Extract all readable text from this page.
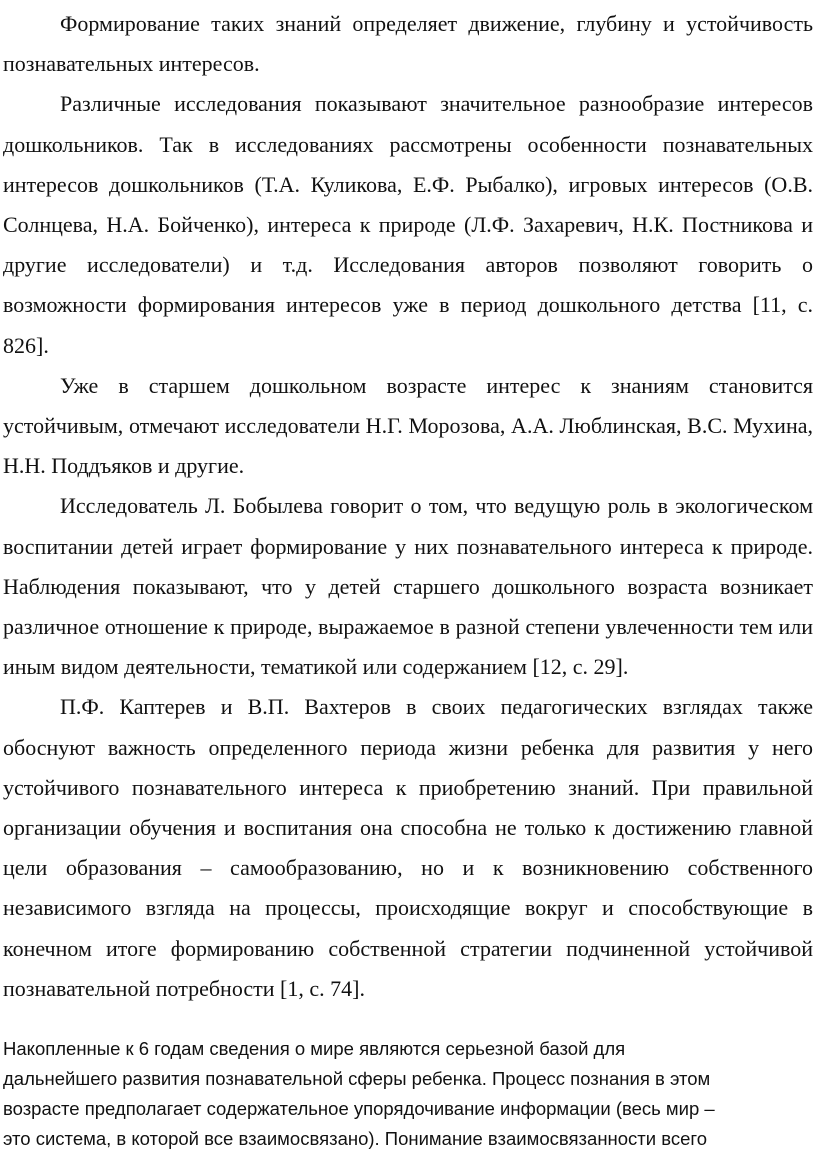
Формирование таких знаний определяет движение, глубину и устойчивость познавательных интересов.

Различные исследования показывают значительное разнообразие интересов дошкольников. Так в исследованиях рассмотрены особенности познавательных интересов дошкольников (Т.А. Куликова, Е.Ф. Рыбалко), игровых интересов (О.В. Солнцева, Н.А. Бойченко), интереса к природе (Л.Ф. Захаревич, Н.К. Постникова и другие исследователи) и т.д. Исследования авторов позволяют говорить о возможности формирования интересов уже в период дошкольного детства [11, с. 826].

Уже в старшем дошкольном возрасте интерес к знаниям становится устойчивым, отмечают исследователи Н.Г. Морозова, А.А. Люблинская, В.С. Мухина, Н.Н. Поддъяков и другие.

Исследователь Л. Бобылева говорит о том, что ведущую роль в экологическом воспитании детей играет формирование у них познавательного интереса к природе. Наблюдения показывают, что у детей старшего дошкольного возраста возникает различное отношение к природе, выражаемое в разной степени увлеченности тем или иным видом деятельности, тематикой или содержанием [12, с. 29].

П.Ф. Каптерев и В.П. Вахтеров в своих педагогических взглядах также обоснуют важность определенного периода жизни ребенка для развития у него устойчивого познавательного интереса к приобретению знаний. При правильной организации обучения и воспитания она способна не только к достижению главной цели образования – самообразованию, но и к возникновению собственного независимого взгляда на процессы, происходящие вокруг и способствующие в конечном итоге формированию собственной стратегии подчиненной устойчивой познавательной потребности [1, с. 74].

Накопленные к 6 годам сведения о мире являются серьезной базой для
дальнейшего развития познавательной сферы ребенка. Процесс познания в этом
возрасте предполагает содержательное упорядочивание информации (весь мир –
это система, в которой все взаимосвязано). Понимание взаимосвязанности всего
